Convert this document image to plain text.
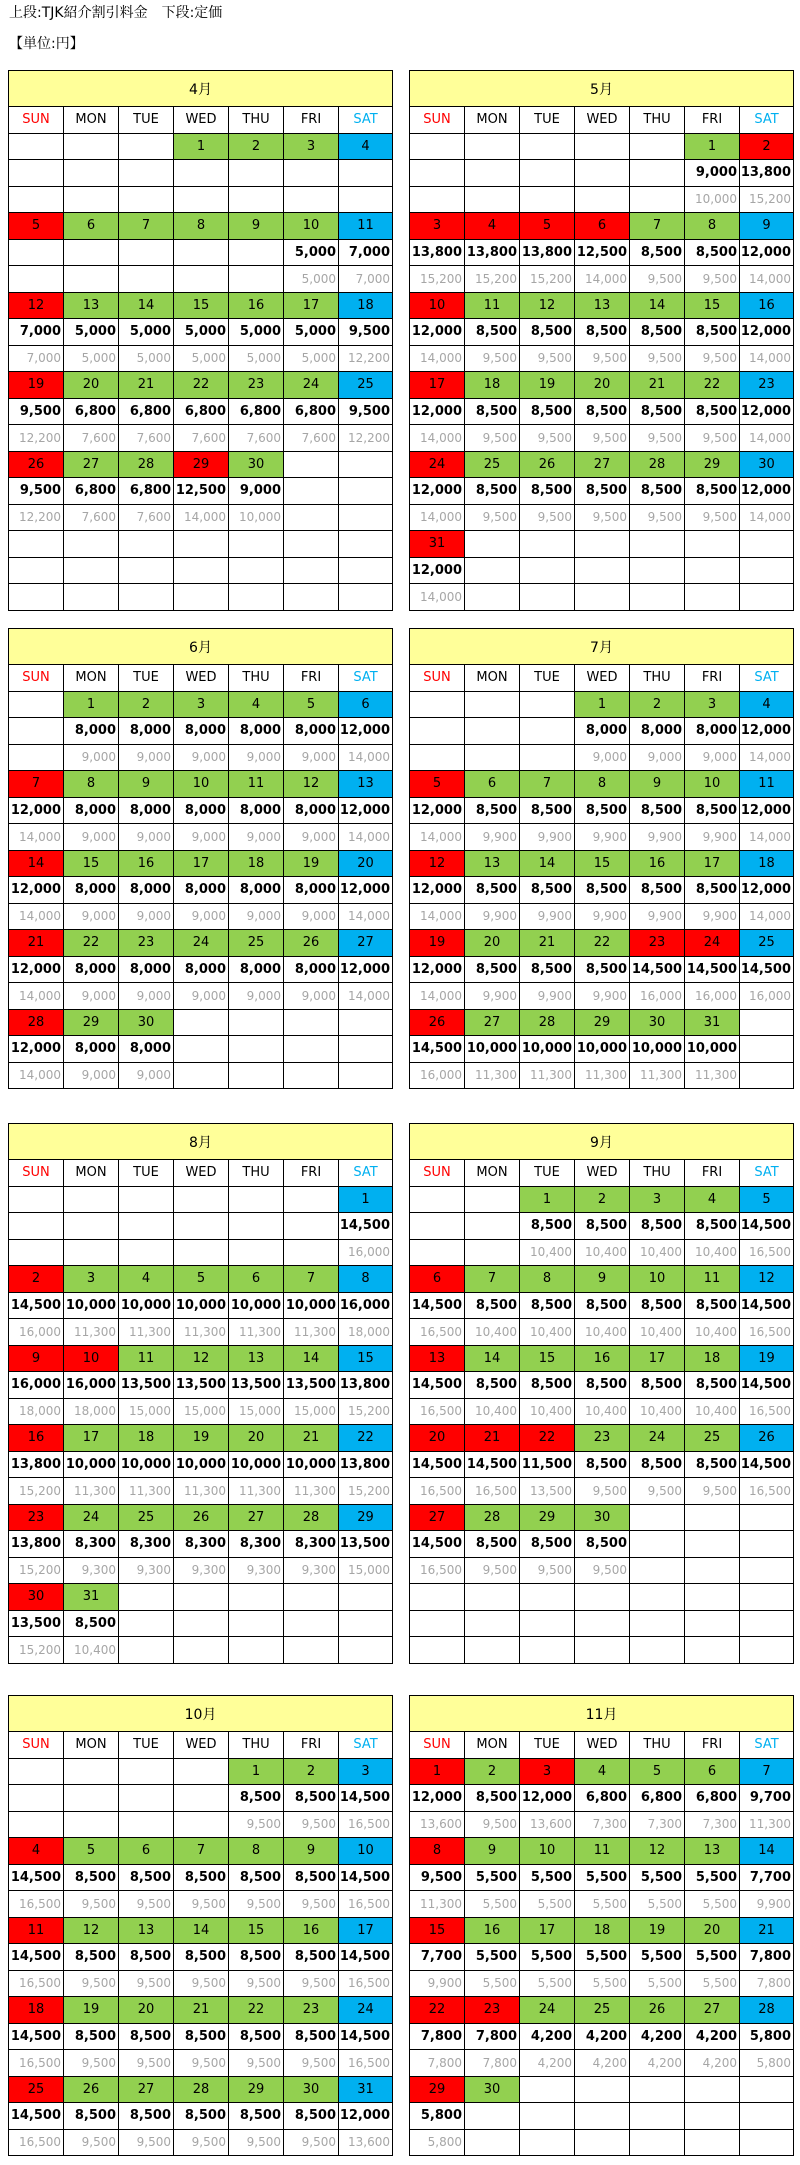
上段:TJK紹介割引料金　下段:定価
【単位:円】
4月						
SUN	MON	TUE	WED	THU	FRI	SAT
			1	2	3	4

5	6	7	8	9	10	11
					5,000	7,000
					5,000	7,000
12	13	14	15	16	17	18
7,000	5,000	5,000	5,000	5,000	5,000	9,500
7,000	5,000	5,000	5,000	5,000	5,000	12,200
19	20	21	22	23	24	25
9,500	6,800	6,800	6,800	6,800	6,800	9,500
12,200	7,600	7,600	7,600	7,600	7,600	12,200
26	27	28	29	30		
9,500	6,800	6,800	12,500	9,000		
12,200	7,600	7,600	14,000	10,000		

5月						
SUN	MON	TUE	WED	THU	FRI	SAT
					1	2
					9,000	13,800
					10,000	15,200
3	4	5	6	7	8	9
13,800	13,800	13,800	12,500	8,500	8,500	12,000
15,200	15,200	15,200	14,000	9,500	9,500	14,000
10	11	12	13	14	15	16
12,000	8,500	8,500	8,500	8,500	8,500	12,000
14,000	9,500	9,500	9,500	9,500	9,500	14,000
17	18	19	20	21	22	23
12,000	8,500	8,500	8,500	8,500	8,500	12,000
14,000	9,500	9,500	9,500	9,500	9,500	14,000
24	25	26	27	28	29	30
12,000	8,500	8,500	8,500	8,500	8,500	12,000
14,000	9,500	9,500	9,500	9,500	9,500	14,000
31						
12,000						
14,000						
6月						
SUN	MON	TUE	WED	THU	FRI	SAT
	1	2	3	4	5	6
	8,000	8,000	8,000	8,000	8,000	12,000
	9,000	9,000	9,000	9,000	9,000	14,000
7	8	9	10	11	12	13
12,000	8,000	8,000	8,000	8,000	8,000	12,000
14,000	9,000	9,000	9,000	9,000	9,000	14,000
14	15	16	17	18	19	20
12,000	8,000	8,000	8,000	8,000	8,000	12,000
14,000	9,000	9,000	9,000	9,000	9,000	14,000
21	22	23	24	25	26	27
12,000	8,000	8,000	8,000	8,000	8,000	12,000
14,000	9,000	9,000	9,000	9,000	9,000	14,000
28	29	30				
12,000	8,000	8,000				
14,000	9,000	9,000				
7月						
SUN	MON	TUE	WED	THU	FRI	SAT
			1	2	3	4
			8,000	8,000	8,000	12,000
			9,000	9,000	9,000	14,000
5	6	7	8	9	10	11
12,000	8,500	8,500	8,500	8,500	8,500	12,000
14,000	9,900	9,900	9,900	9,900	9,900	14,000
12	13	14	15	16	17	18
12,000	8,500	8,500	8,500	8,500	8,500	12,000
14,000	9,900	9,900	9,900	9,900	9,900	14,000
19	20	21	22	23	24	25
12,000	8,500	8,500	8,500	14,500	14,500	14,500
14,000	9,900	9,900	9,900	16,000	16,000	16,000
26	27	28	29	30	31	
14,500	10,000	10,000	10,000	10,000	10,000	
16,000	11,300	11,300	11,300	11,300	11,300	
8月						
SUN	MON	TUE	WED	THU	FRI	SAT
						1
						14,500
						16,000
2	3	4	5	6	7	8
14,500	10,000	10,000	10,000	10,000	10,000	16,000
16,000	11,300	11,300	11,300	11,300	11,300	18,000
9	10	11	12	13	14	15
16,000	16,000	13,500	13,500	13,500	13,500	13,800
18,000	18,000	15,000	15,000	15,000	15,000	15,200
16	17	18	19	20	21	22
13,800	10,000	10,000	10,000	10,000	10,000	13,800
15,200	11,300	11,300	11,300	11,300	11,300	15,200
23	24	25	26	27	28	29
13,800	8,300	8,300	8,300	8,300	8,300	13,500
15,200	9,300	9,300	9,300	9,300	9,300	15,000
30	31					
13,500	8,500					
15,200	10,400					
9月						
SUN	MON	TUE	WED	THU	FRI	SAT
		1	2	3	4	5
		8,500	8,500	8,500	8,500	14,500
		10,400	10,400	10,400	10,400	16,500
6	7	8	9	10	11	12
14,500	8,500	8,500	8,500	8,500	8,500	14,500
16,500	10,400	10,400	10,400	10,400	10,400	16,500
13	14	15	16	17	18	19
14,500	8,500	8,500	8,500	8,500	8,500	14,500
16,500	10,400	10,400	10,400	10,400	10,400	16,500
20	21	22	23	24	25	26
14,500	14,500	11,500	8,500	8,500	8,500	14,500
16,500	16,500	13,500	9,500	9,500	9,500	16,500
27	28	29	30			
14,500	8,500	8,500	8,500			
16,500	9,500	9,500	9,500			

10月						
SUN	MON	TUE	WED	THU	FRI	SAT
				1	2	3
				8,500	8,500	14,500
				9,500	9,500	16,500
4	5	6	7	8	9	10
14,500	8,500	8,500	8,500	8,500	8,500	14,500
16,500	9,500	9,500	9,500	9,500	9,500	16,500
11	12	13	14	15	16	17
14,500	8,500	8,500	8,500	8,500	8,500	14,500
16,500	9,500	9,500	9,500	9,500	9,500	16,500
18	19	20	21	22	23	24
14,500	8,500	8,500	8,500	8,500	8,500	14,500
16,500	9,500	9,500	9,500	9,500	9,500	16,500
25	26	27	28	29	30	31
14,500	8,500	8,500	8,500	8,500	8,500	12,000
16,500	9,500	9,500	9,500	9,500	9,500	13,600
11月						
SUN	MON	TUE	WED	THU	FRI	SAT
1	2	3	4	5	6	7
12,000	8,500	12,000	6,800	6,800	6,800	9,700
13,600	9,500	13,600	7,300	7,300	7,300	11,300
8	9	10	11	12	13	14
9,500	5,500	5,500	5,500	5,500	5,500	7,700
11,300	5,500	5,500	5,500	5,500	5,500	9,900
15	16	17	18	19	20	21
7,700	5,500	5,500	5,500	5,500	5,500	7,800
9,900	5,500	5,500	5,500	5,500	5,500	7,800
22	23	24	25	26	27	28
7,800	7,800	4,200	4,200	4,200	4,200	5,800
7,800	7,800	4,200	4,200	4,200	4,200	5,800
29	30					
5,800						
5,800						
